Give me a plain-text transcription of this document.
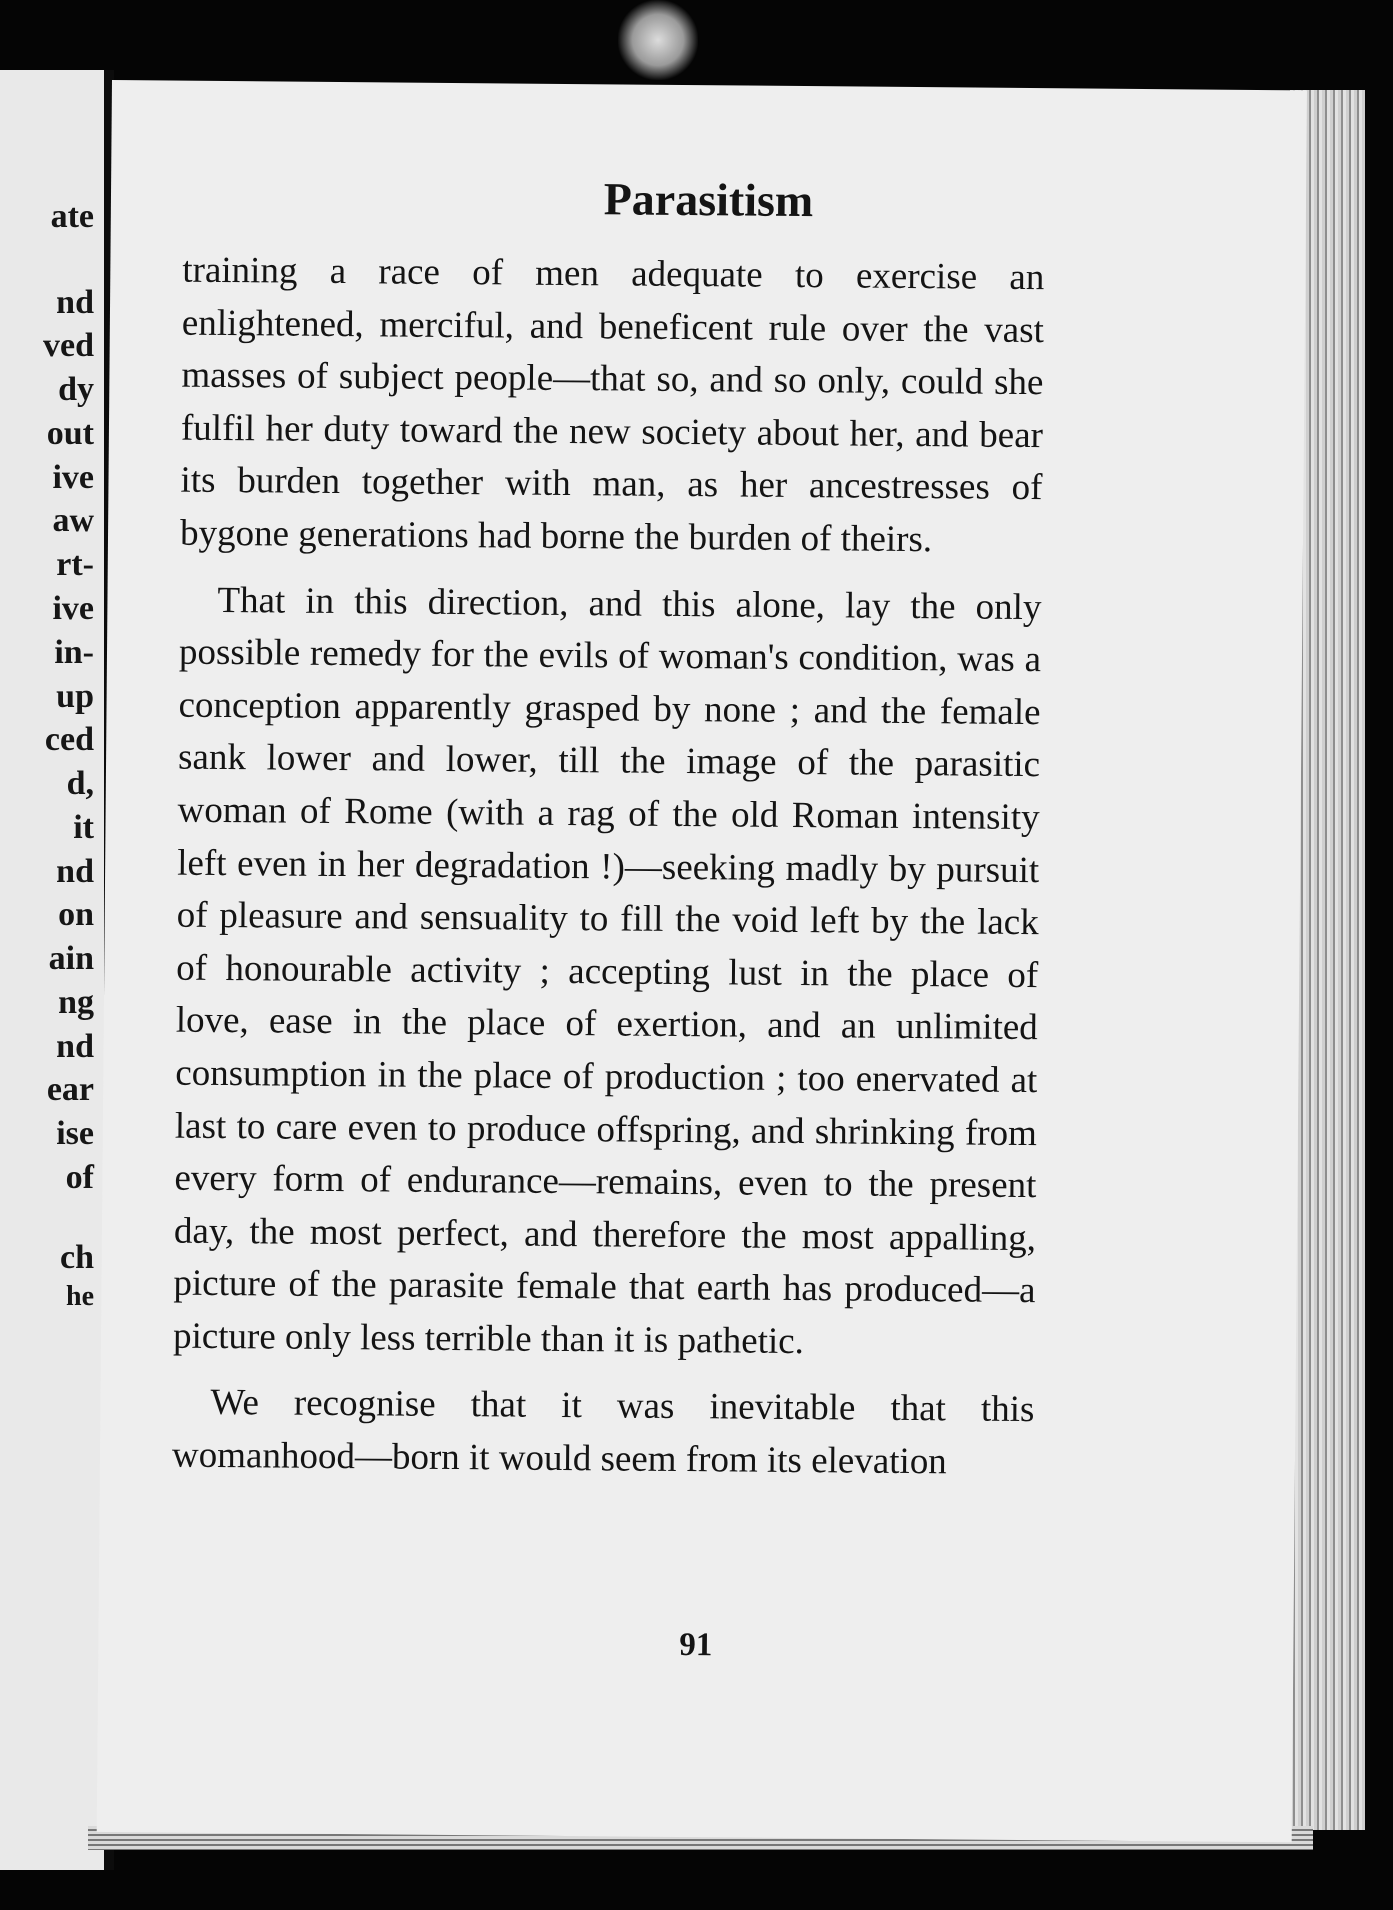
ate
nd
ved
dy
out
ive
aw
rt-
ive
in-
up
ced
d,
it
nd
on
ain
ng
nd
ear
ise
of
ch
he
Parasitism

training a race of men adequate to exercise an enlightened, merciful, and beneficent rule over the vast masses of subject people—that so, and so only, could she fulfil her duty toward the new society about her, and bear its burden together with man, as her ancestresses of bygone generations had borne the burden of theirs.

That in this direction, and this alone, lay the only possible remedy for the evils of woman's condition, was a conception apparently grasped by none ; and the female sank lower and lower, till the image of the parasitic woman of Rome (with a rag of the old Roman intensity left even in her degradation !)—seeking madly by pursuit of pleasure and sensuality to fill the void left by the lack of honourable activity ; accepting lust in the place of love, ease in the place of exertion, and an unlimited consumption in the place of production ; too enervated at last to care even to produce offspring, and shrinking from every form of endurance—remains, even to the present day, the most perfect, and therefore the most appalling, picture of the parasite female that earth has produced—a picture only less terrible than it is pathetic.

We recognise that it was inevitable that this womanhood—born it would seem from its elevation

91
